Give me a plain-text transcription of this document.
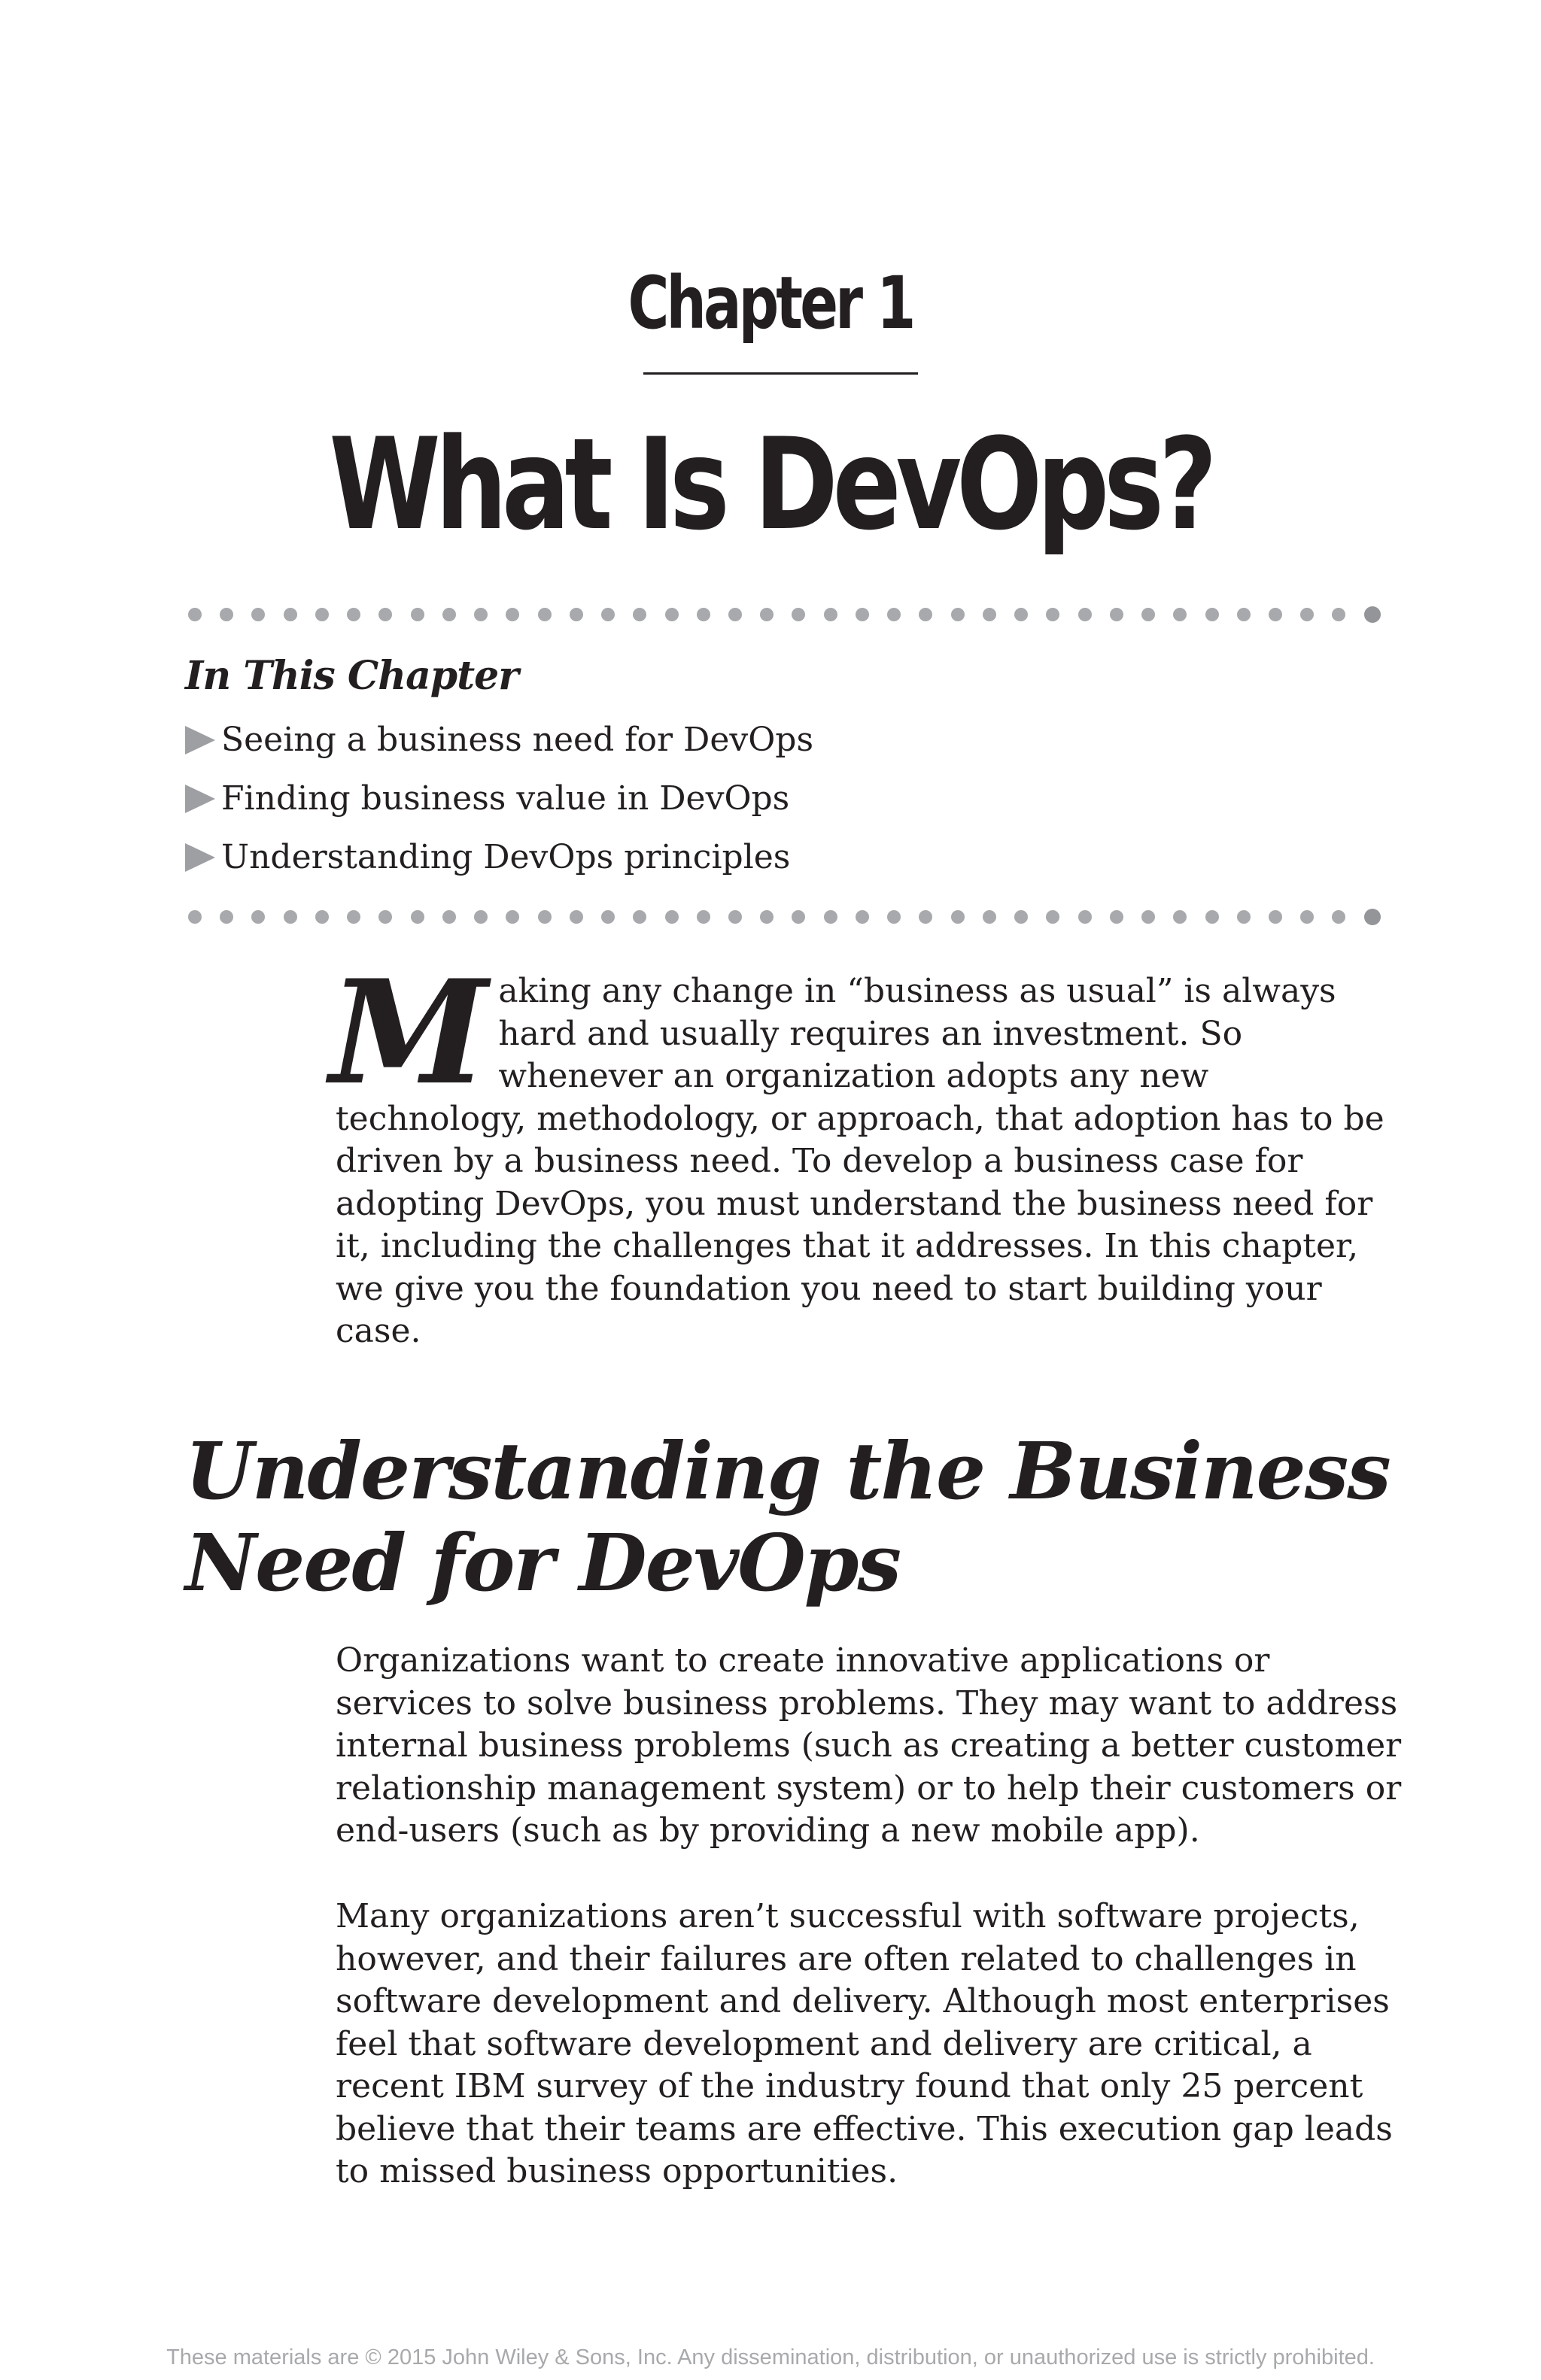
Chapter 1
What Is DevOps?
In This Chapter
Seeing a business need for DevOps
Finding business value in DevOps
Understanding DevOps principles
M aking any change in “business as usual” is always hard and usually requires an investment. So whenever an organization adopts any new technology, methodology, or approach, that adoption has to be driven by a business need. To develop a business case for adopting DevOps, you must understand the business need for it, including the challenges that it addresses. In this chapter, we give you the foundation you need to start building your case.

Understanding the Business Need for DevOps

Organizations want to create innovative applications or services to solve business problems. They may want to address internal business problems (such as creating a better customer relationship management system) or to help their customers or end-users (such as by providing a new mobile app).

Many organizations aren’t successful with software projects, however, and their failures are often related to challenges in software development and delivery. Although most enterprises feel that software development and delivery are critical, a recent IBM survey of the industry found that only 25 percent believe that their teams are effective. This execution gap leads to missed business opportunities.

These materials are © 2015 John Wiley & Sons, Inc. Any dissemination, distribution, or unauthorized use is strictly prohibited.
